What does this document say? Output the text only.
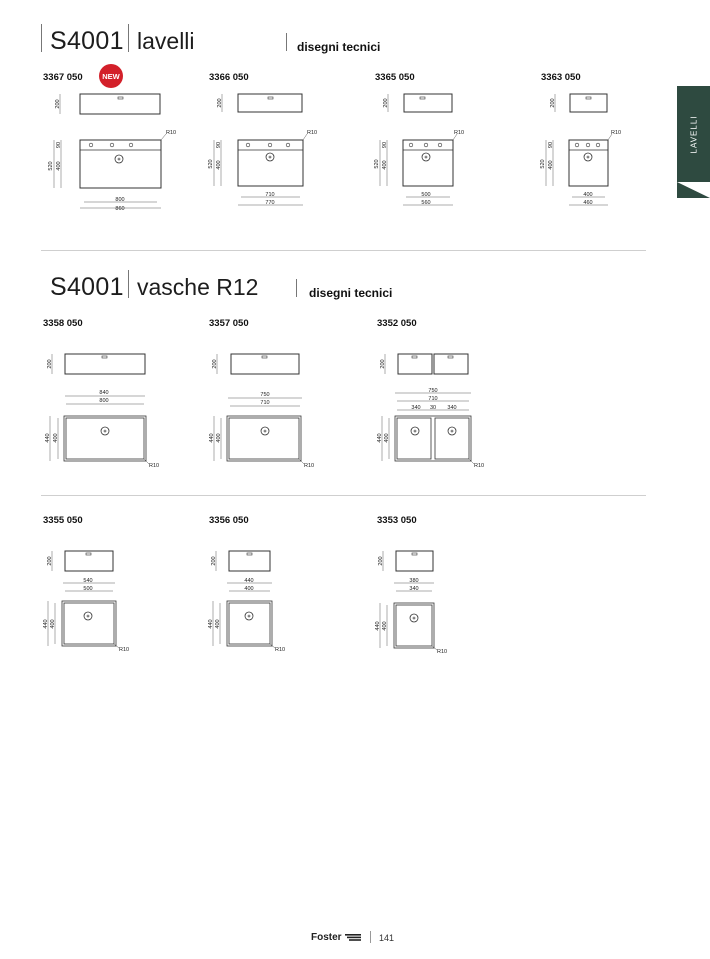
LAVELLI
S4001 lavelli	disegni tecnici
3367 050	NEW	3366 050	3365 050	3363 050
200
520
90
400
R10
800
860
200
520
90
400
R10
710
770
200
520
90
400
R10
500
560
200
520
90
400
R10
400
460
S4001 vasche R12	disegni tecnici
3358 050	3357 050	3352 050
200
840
800
440 400
R10
200
750
710
440 400
R10
200
750
710
340 30 340
440 400
R10
3355 050	3356 050	3353 050
200
540
500
440 400
R10
200
440
400
440 400
R10
200
380
340
440 400
R10
Foster	141
